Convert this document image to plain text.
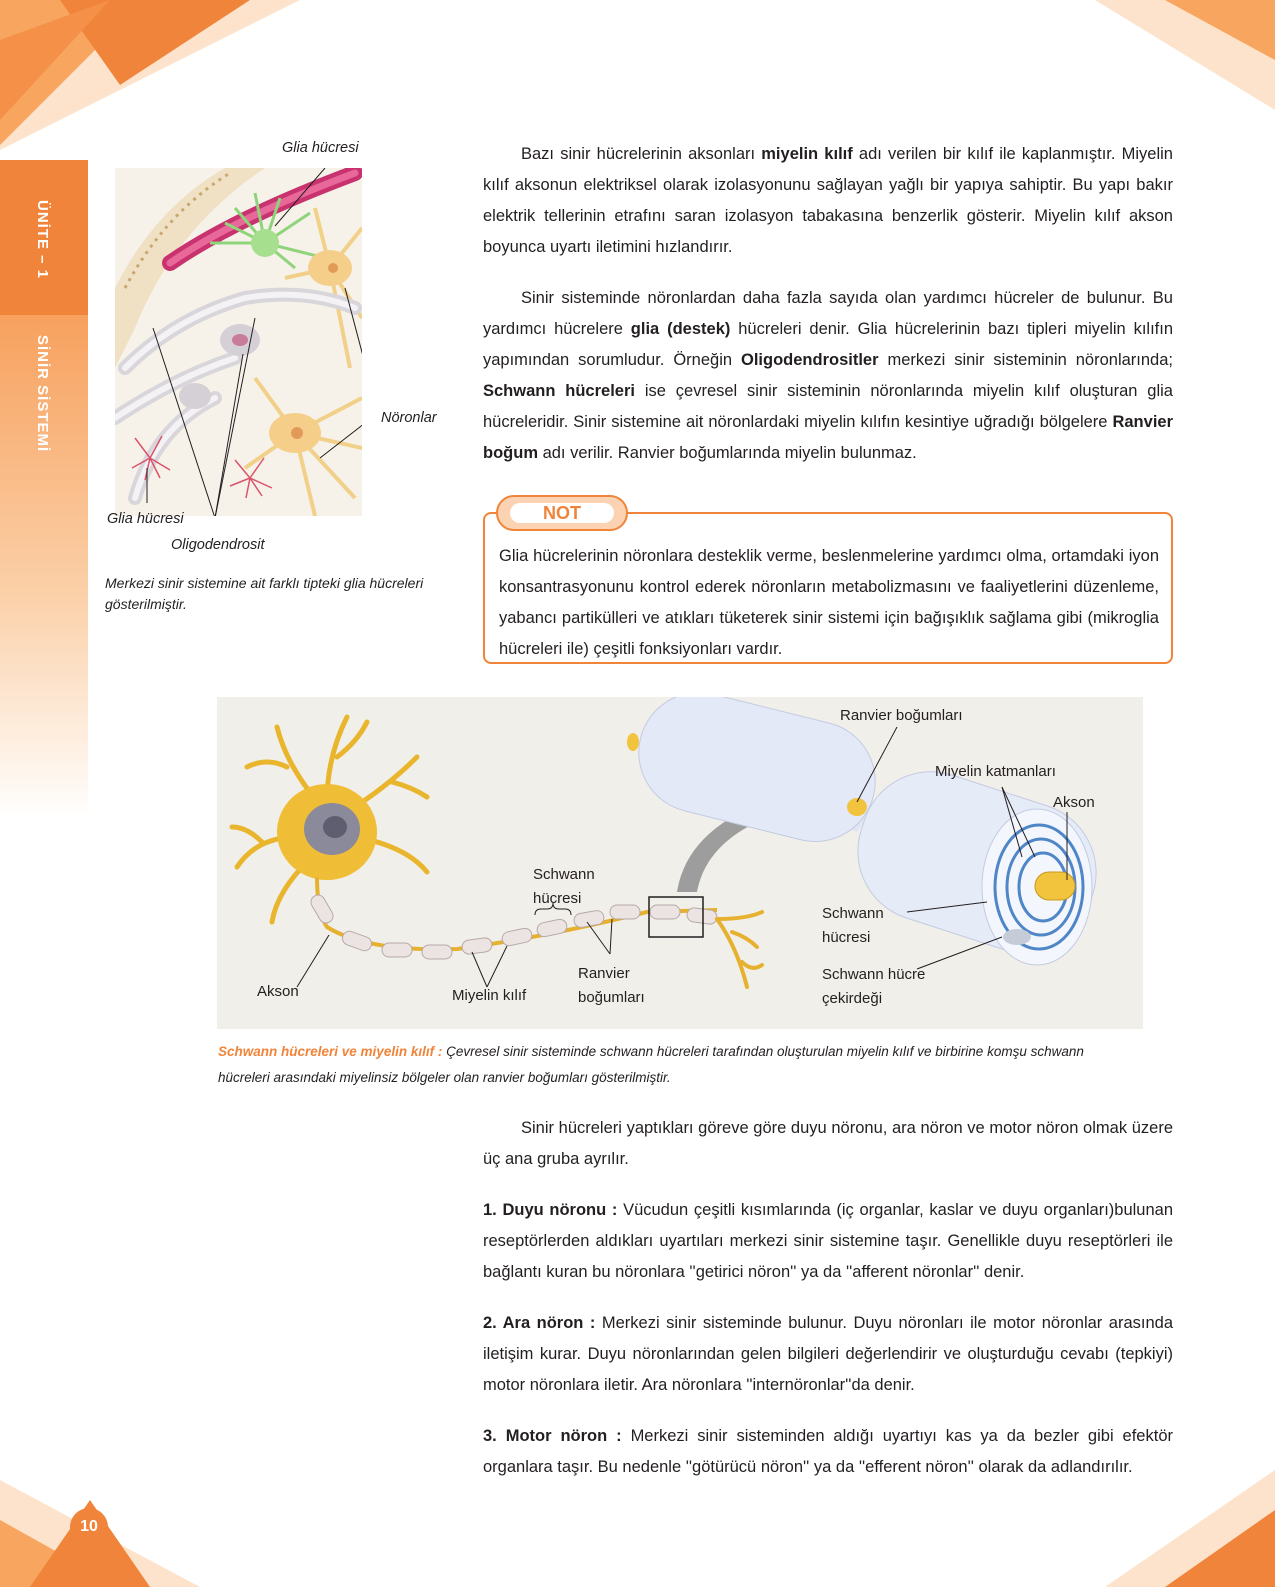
ÜNİTE – 1
SİNİR SİSTEMİ
Glia hücresi
Nöronlar
Glia hücresi
Oligodendrosit
Merkezi sinir sistemine ait farklı tipteki glia hücreleri gösterilmiştir.

Bazı sinir hücrelerinin aksonları miyelin kılıf adı verilen bir kılıf ile kaplanmıştır. Miyelin kılıf aksonun elektriksel olarak izolasyonunu sağlayan yağlı bir yapıya sahiptir. Bu yapı bakır elektrik tellerinin etrafını saran izolasyon tabakasına benzerlik gösterir. Miyelin kılıf akson boyunca uyartı iletimini hızlandırır.

Sinir sisteminde nöronlardan daha fazla sayıda olan yardımcı hücreler de bulunur. Bu yardımcı hücrelere glia (destek) hücreleri denir. Glia hücrelerinin bazı tipleri miyelin kılıfın yapımından sorumludur. Örneğin Oligodendrositler merkezi sinir sisteminin nöronlarında; Schwann hücreleri ise çevresel sinir sisteminin nöronlarında miyelin kılıf oluşturan glia hücreleridir. Sinir sistemine ait nöronlardaki miyelin kılıfın kesintiye uğradığı bölgelere Ranvier boğum adı verilir. Ranvier boğumlarında miyelin bulunmaz.

NOT

Glia hücrelerinin nöronlara desteklik verme, beslenmelerine yardımcı olma, ortamdaki iyon konsantrasyonunu kontrol ederek nöronların metabolizmasını ve faaliyetlerini düzenleme, yabancı partikülleri ve atıkları tüketerek sinir sistemi için bağışıklık sağlama gibi (mikroglia hücreleri ile) çeşitli fonksiyonları vardır.

Schwann hücresi
Akson	Miyelin kılıf
Ranvier boğumları
Ranvier boğumları
Miyelin katmanları
Akson
Schwann hücresi
Schwann hücre çekirdeği
Schwann hücreleri ve miyelin kılıf : Çevresel sinir sisteminde schwann hücreleri tarafından oluşturulan miyelin kılıf ve birbirine komşu schwann hücreleri arasındaki miyelinsiz bölgeler olan ranvier boğumları gösterilmiştir.

Sinir hücreleri yaptıkları göreve göre duyu nöronu, ara nöron ve motor nöron olmak üzere üç ana gruba ayrılır.

1. Duyu nöronu : Vücudun çeşitli kısımlarında (iç organlar, kaslar ve duyu organları)bulunan reseptörlerden aldıkları uyartıları merkezi sinir sistemine taşır. Genellikle duyu reseptörleri ile bağlantı kuran bu nöronlara ''getirici nöron'' ya da ''afferent nöronlar'' denir.

2. Ara nöron : Merkezi sinir sisteminde bulunur. Duyu nöronları ile motor nöronlar arasında iletişim kurar. Duyu nöronlarından gelen bilgileri değerlendirir ve oluşturduğu cevabı (tepkiyi) motor nöronlara iletir. Ara nöronlara ''internöronlar''da denir.

3. Motor nöron : Merkezi sinir sisteminden aldığı uyartıyı kas ya da bezler gibi efektör organlara taşır. Bu nedenle ''götürücü nöron'' ya da ''efferent nöron'' olarak da adlandırılır.

10
